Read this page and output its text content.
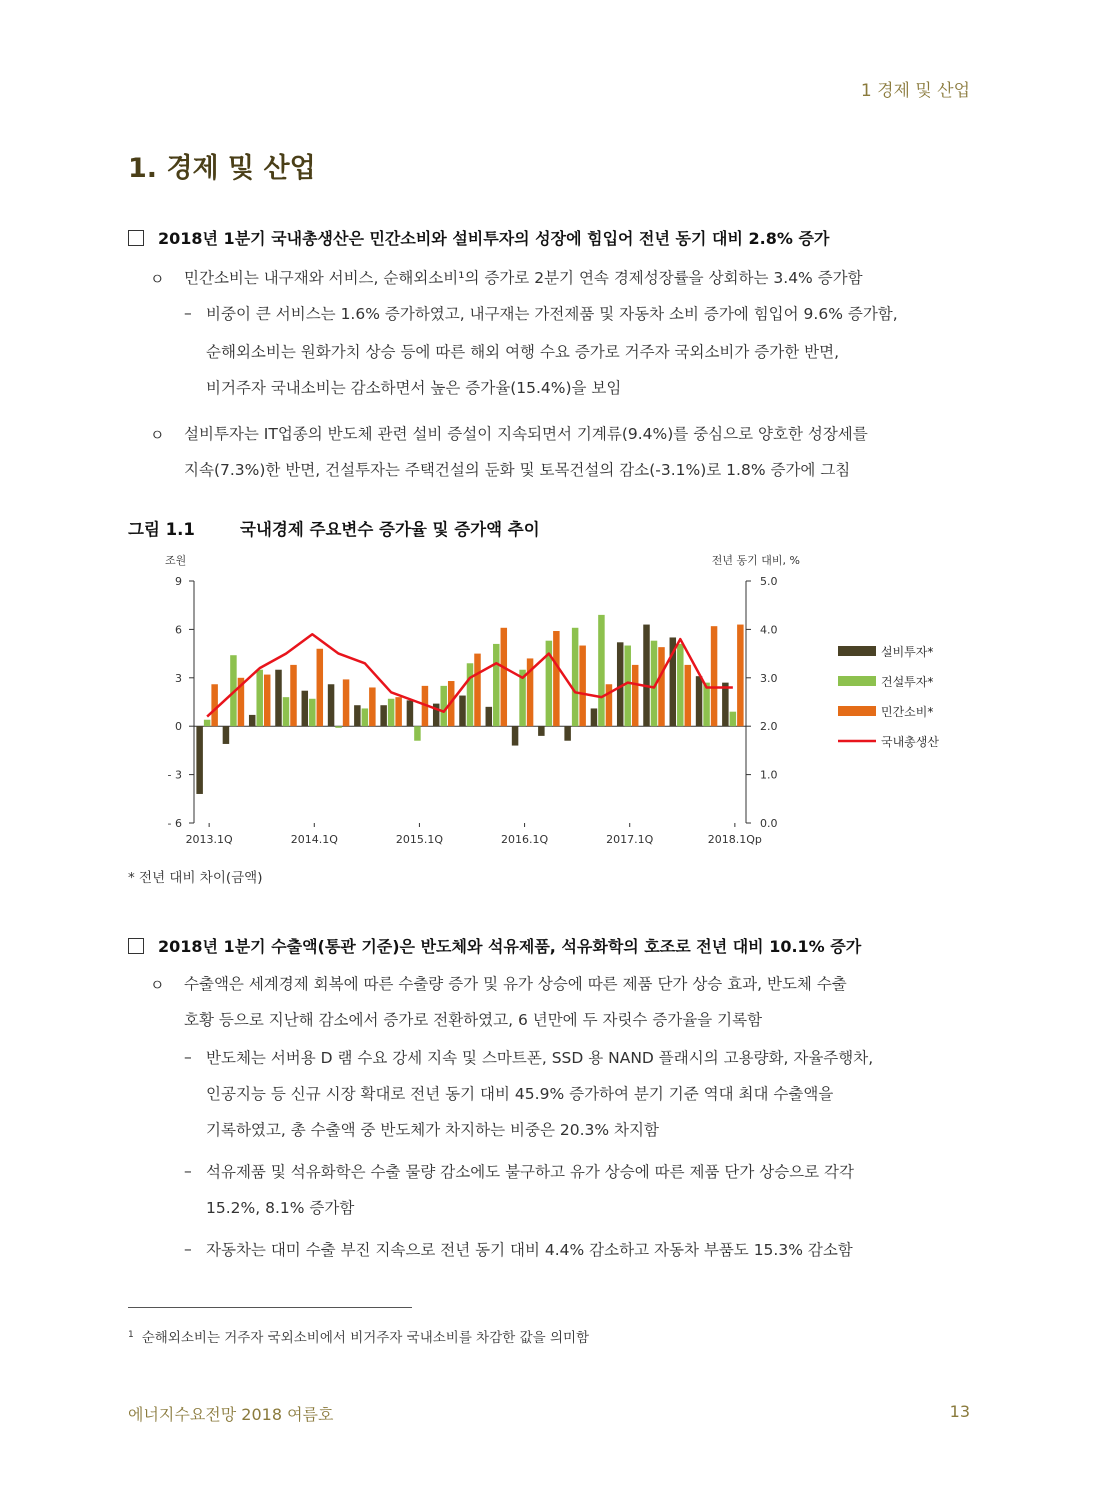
1 경제 및 산업
1. 경제 및 산업
2018년 1분기 국내총생산은 민간소비와 설비투자의 성장에 힘입어 전년 동기 대비 2.8% 증가
ㅇ 민간소비는 내구재와 서비스, 순해외소비¹의 증가로 2분기 연속 경제성장률을 상회하는 3.4% 증가함
– 비중이 큰 서비스는 1.6% 증가하였고, 내구재는 가전제품 및 자동차 소비 증가에 힘입어 9.6% 증가함,
순해외소비는 원화가치 상승 등에 따른 해외 여행 수요 증가로 거주자 국외소비가 증가한 반면,
비거주자 국내소비는 감소하면서 높은 증가율(15.4%)을 보임
ㅇ 설비투자는 IT업종의 반도체 관련 설비 증설이 지속되면서 기계류(9.4%)를 중심으로 양호한 성장세를
지속(7.3%)한 반면, 건설투자는 주택건설의 둔화 및 토목건설의 감소(-3.1%)로 1.8% 증가에 그침
그림 1.1	국내경제 주요변수 증가율 및 증가액 추이
조원	전년 동기 대비, %
9
6
3
0
- 3
- 6
5.0
4.0
3.0
2.0
1.0
0.0
2013.1Q	2014.1Q	2015.1Q	2016.1Q	2017.1Q	2018.1Qp
설비투자*
건설투자*
민간소비*
국내총생산
* 전년 대비 차이(금액)
2018년 1분기 수출액(통관 기준)은 반도체와 석유제품, 석유화학의 호조로 전년 대비 10.1% 증가
ㅇ 수출액은 세계경제 회복에 따른 수출량 증가 및 유가 상승에 따른 제품 단가 상승 효과, 반도체 수출
호황 등으로 지난해 감소에서 증가로 전환하였고, 6 년만에 두 자릿수 증가율을 기록함
– 반도체는 서버용 D 램 수요 강세 지속 및 스마트폰, SSD 용 NAND 플래시의 고용량화, 자율주행차,
인공지능 등 신규 시장 확대로 전년 동기 대비 45.9% 증가하여 분기 기준 역대 최대 수출액을
기록하였고, 총 수출액 중 반도체가 차지하는 비중은 20.3% 차지함
– 석유제품 및 석유화학은 수출 물량 감소에도 불구하고 유가 상승에 따른 제품 단가 상승으로 각각
15.2%, 8.1% 증가함
– 자동차는 대미 수출 부진 지속으로 전년 동기 대비 4.4% 감소하고 자동차 부품도 15.3% 감소함
$^1$ 순해외소비는 거주자 국외소비에서 비거주자 국내소비를 차감한 값을 의미함
에너지수요전망 2018 여름호	13
